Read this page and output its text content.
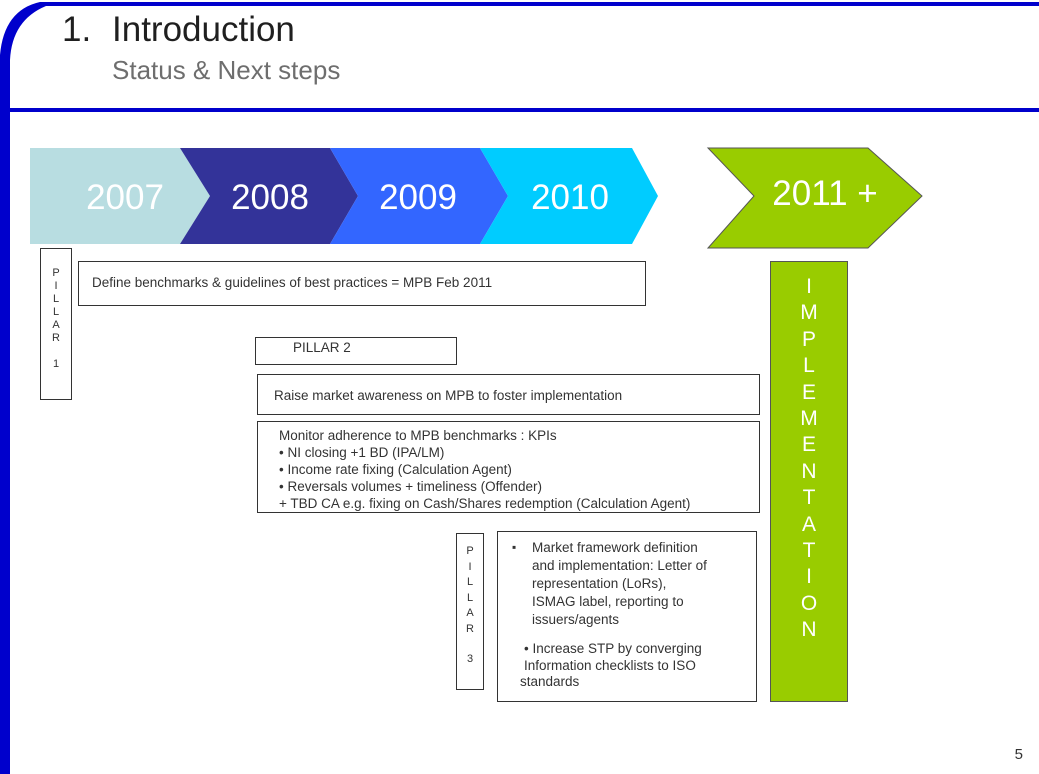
1. Introduction
Status & Next steps
2007	2008	2009	2010	2011 +
P
I
L
L
A
R
1
Define benchmarks & guidelines of best practices = MPB Feb 2011
PILLAR 2
Raise market awareness on MPB to foster implementation
Monitor adherence to MPB benchmarks : KPIs
• NI closing +1 BD (IPA/LM)
• Income rate fixing (Calculation Agent)
• Reversals volumes + timeliness (Offender)
+ TBD CA e.g. fixing on Cash/Shares redemption (Calculation Agent)
P
I
L
L
A
R
3
▪ Market framework definition
and implementation: Letter of
representation (LoRs),
ISMAG label, reporting to
issuers/agents
• Increase STP by converging
Information checklists to ISO
standards
I
M
P
L
E
M
E
N
T
A
T
I
O
N
5
